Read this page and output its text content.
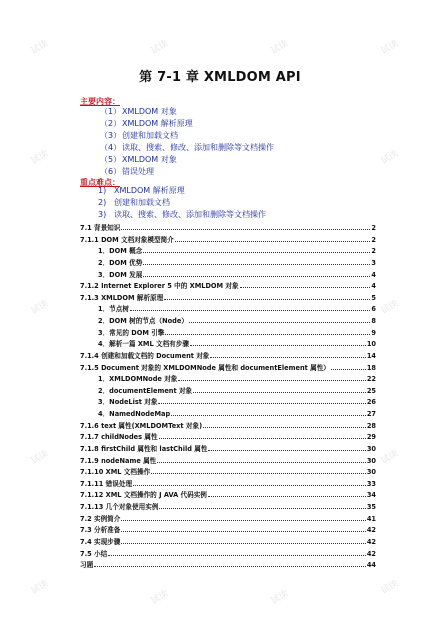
第 7-1 章 XMLDOM API
主要内容：
（1） XMLDOM 对象
（2） XMLDOM 解析原理
（3） 创建和加载文档
（4） 读取、搜索、修改、添加和删除等文档操作
（5） XMLDOM 对象
（6） 错误处理
重点难点：
1) XMLDOM 解析原理
2) 创建和加载文档
3) 读取、搜索、修改、添加和删除等文档操作
7.1 背景知识	2
7.1.1 DOM 文档对象模型简介	2
1．DOM 概念	2
2．DOM 优势	3
3．DOM 发展	4
7.1.2 Internet Explorer 5 中的 XMLDOM 对象	4
7.1.3 XMLDOM 解析原理	5
1．节点树	6
2．DOM 树的节点（Node）	8
3．常见的 DOM 引擎	9
4．解析一篇 XML 文档有步骤	10
7.1.4 创建和加载文档的 Document 对象	14
7.1.5 Document 对象的 XMLDOMNode 属性和 documentElement 属性）	18
1．XMLDOMNode 对象	22
2．documentElement 对象	25
3．NodeList 对象	26
4．NamedNodeMap	27
7.1.6 text 属性(XMLDOMText 对象)	28
7.1.7 childNodes 属性	29
7.1.8 firstChild 属性和 lastChild 属性	30
7.1.9 nodeName 属性	30
7.1.10 XML 文档操作	30
7.1.11 错误处理	33
7.1.12 XML 文档操作的 J AVA 代码实例	34
7.1.13 几个对象使用实例	35
7.2 实例简介	41
7.3 分析准备	42
7.4 实现步骤	42
7.5 小结	42
习题	44
试读	试读	试读	试读
试读	试读
试读	试读
试读	试读
试读
试读	试读
试读
